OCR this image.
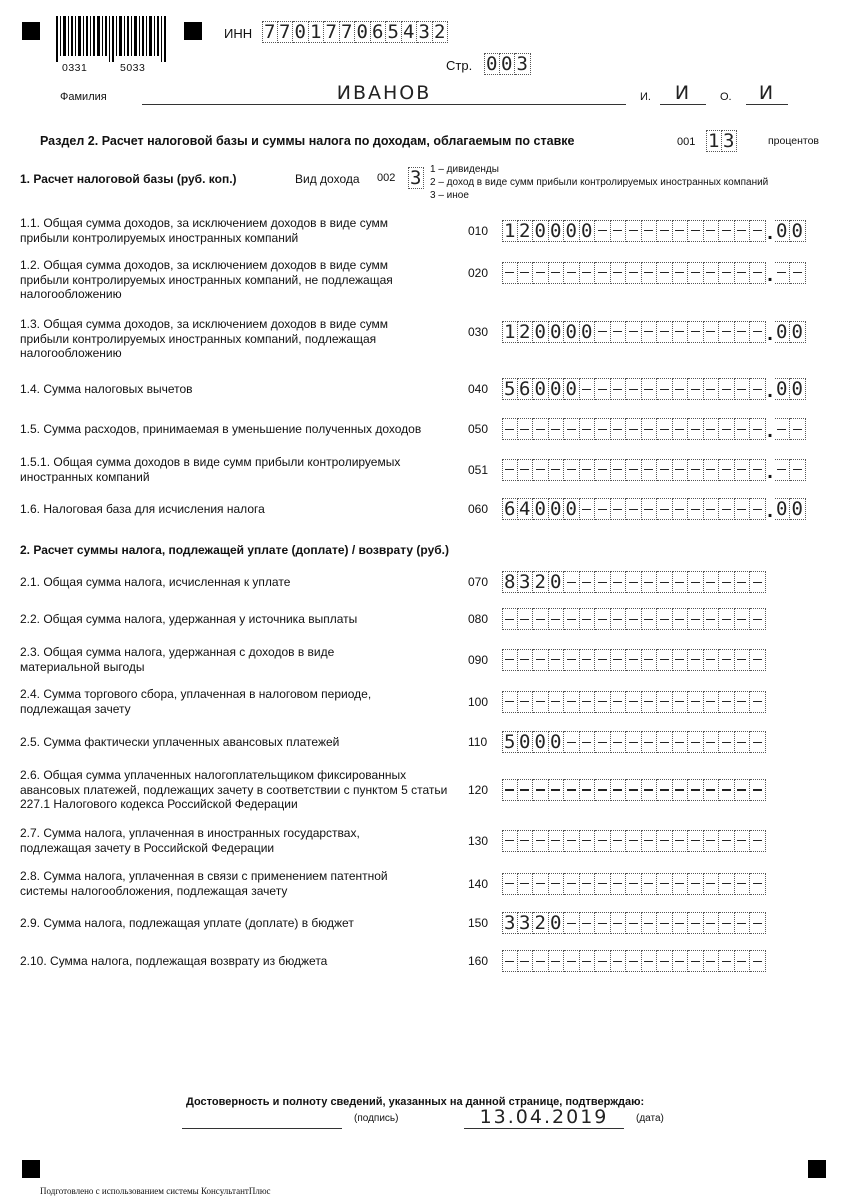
0331	5033
ИНН 7 7 0 1 7 7 0 6 5 4 3 2
Стр. 0 0 3
Фамилия	ИВАНОВ	И.	И	О.	И
Раздел 2. Расчет налоговой базы и суммы налога по доходам, облагаемым по ставке	001 1 3	процентов
1. Расчет налоговой базы (руб. коп.)	Вид дохода 002 3 1 – дивиденды
2 – доход в виде сумм прибыли контролируемых иностранных компаний
3 – иное
1.1. Общая сумма доходов, за исключением доходов в виде сумм прибыли контролируемых иностранных компаний	010 1 2 0 0 0 0	. 0 0
1.2. Общая сумма доходов, за исключением доходов в виде сумм прибыли контролируемых иностранных компаний, не подлежащая налогообложению
020	.
1.3. Общая сумма доходов, за исключением доходов в виде сумм прибыли контролируемых иностранных компаний, подлежащая налогообложению
030 1 2 0 0 0 0	. 0 0
1.4. Сумма налоговых вычетов	040 5 6 0 0 0	. 0 0
1.5. Сумма расходов, принимаемая в уменьшение полученных доходов	050	.
1.5.1. Общая сумма доходов в виде сумм прибыли контролируемых иностранных компаний	051	.
1.6. Налоговая база для исчисления налога	060 6 4 0 0 0	. 0 0
2. Расчет суммы налога, подлежащей уплате (доплате) / возврату (руб.)
2.1. Общая сумма налога, исчисленная к уплате	070 8 3 2 0
2.2. Общая сумма налога, удержанная у источника выплаты	080
2.3. Общая сумма налога, удержанная с доходов в виде материальной выгоды	090
2.4. Сумма торгового сбора, уплаченная в налоговом периоде, подлежащая зачету	100
2.5. Сумма фактически уплаченных авансовых платежей	110 5 0 0 0
2.6. Общая сумма уплаченных налогоплательщиком фиксированных авансовых платежей, подлежащих зачету в соответствии с пунктом 5 статьи 227.1 Налогового кодекса Российской Федерации
120
2.7. Сумма налога, уплаченная в иностранных государствах, подлежащая зачету в Российской Федерации	130
2.8. Сумма налога, уплаченная в связи с применением патентной системы налогообложения, подлежащая зачету	140
2.9. Сумма налога, подлежащая уплате (доплате) в бюджет	150 3 3 2 0
2.10. Сумма налога, подлежащая возврату из бюджета	160
Достоверность и полноту сведений, указанных на данной странице, подтверждаю:
(подпись)	13.04.2019	(дата)
Подготовлено с использованием системы КонсультантПлюс
